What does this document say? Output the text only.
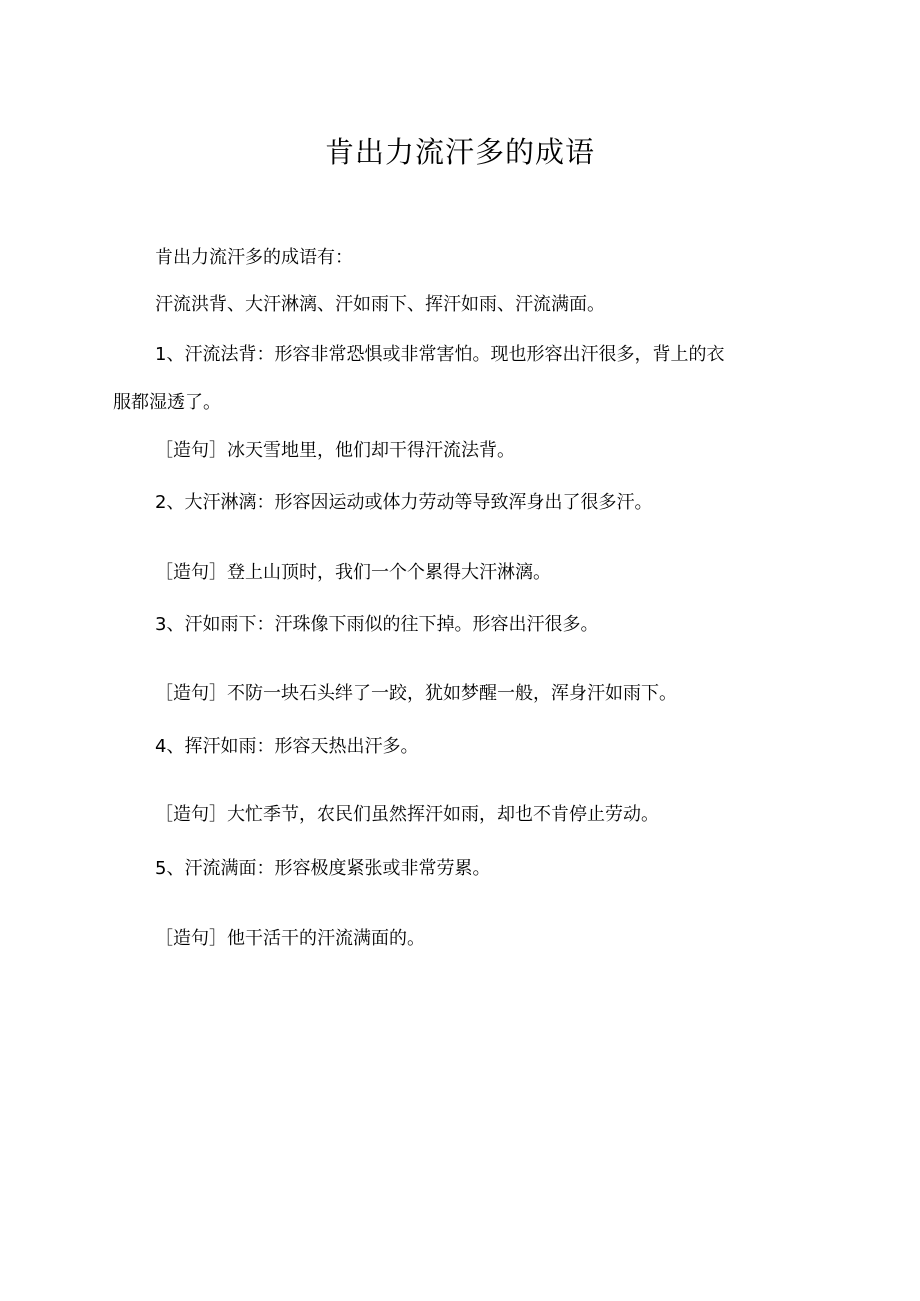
肯出力流汗多的成语

肯出力流汗多的成语有：

汗流洪背、大汗淋漓、汗如雨下、挥汗如雨、汗流满面。

1、汗流法背：形容非常恐惧或非常害怕。现也形容出汗很多，背上的衣

服都湿透了。

［造句］冰天雪地里，他们却干得汗流法背。

2、大汗淋漓：形容因运动或体力劳动等导致浑身出了很多汗。

［造句］登上山顶时，我们一个个累得大汗淋漓。

3、汗如雨下：汗珠像下雨似的往下掉。形容出汗很多。

［造句］不防一块石头绊了一跤，犹如梦醒一般，浑身汗如雨下。

4、挥汗如雨：形容天热出汗多。

［造句］大忙季节，农民们虽然挥汗如雨，却也不肯停止劳动。

5、汗流满面：形容极度紧张或非常劳累。

［造句］他干活干的汗流满面的。
